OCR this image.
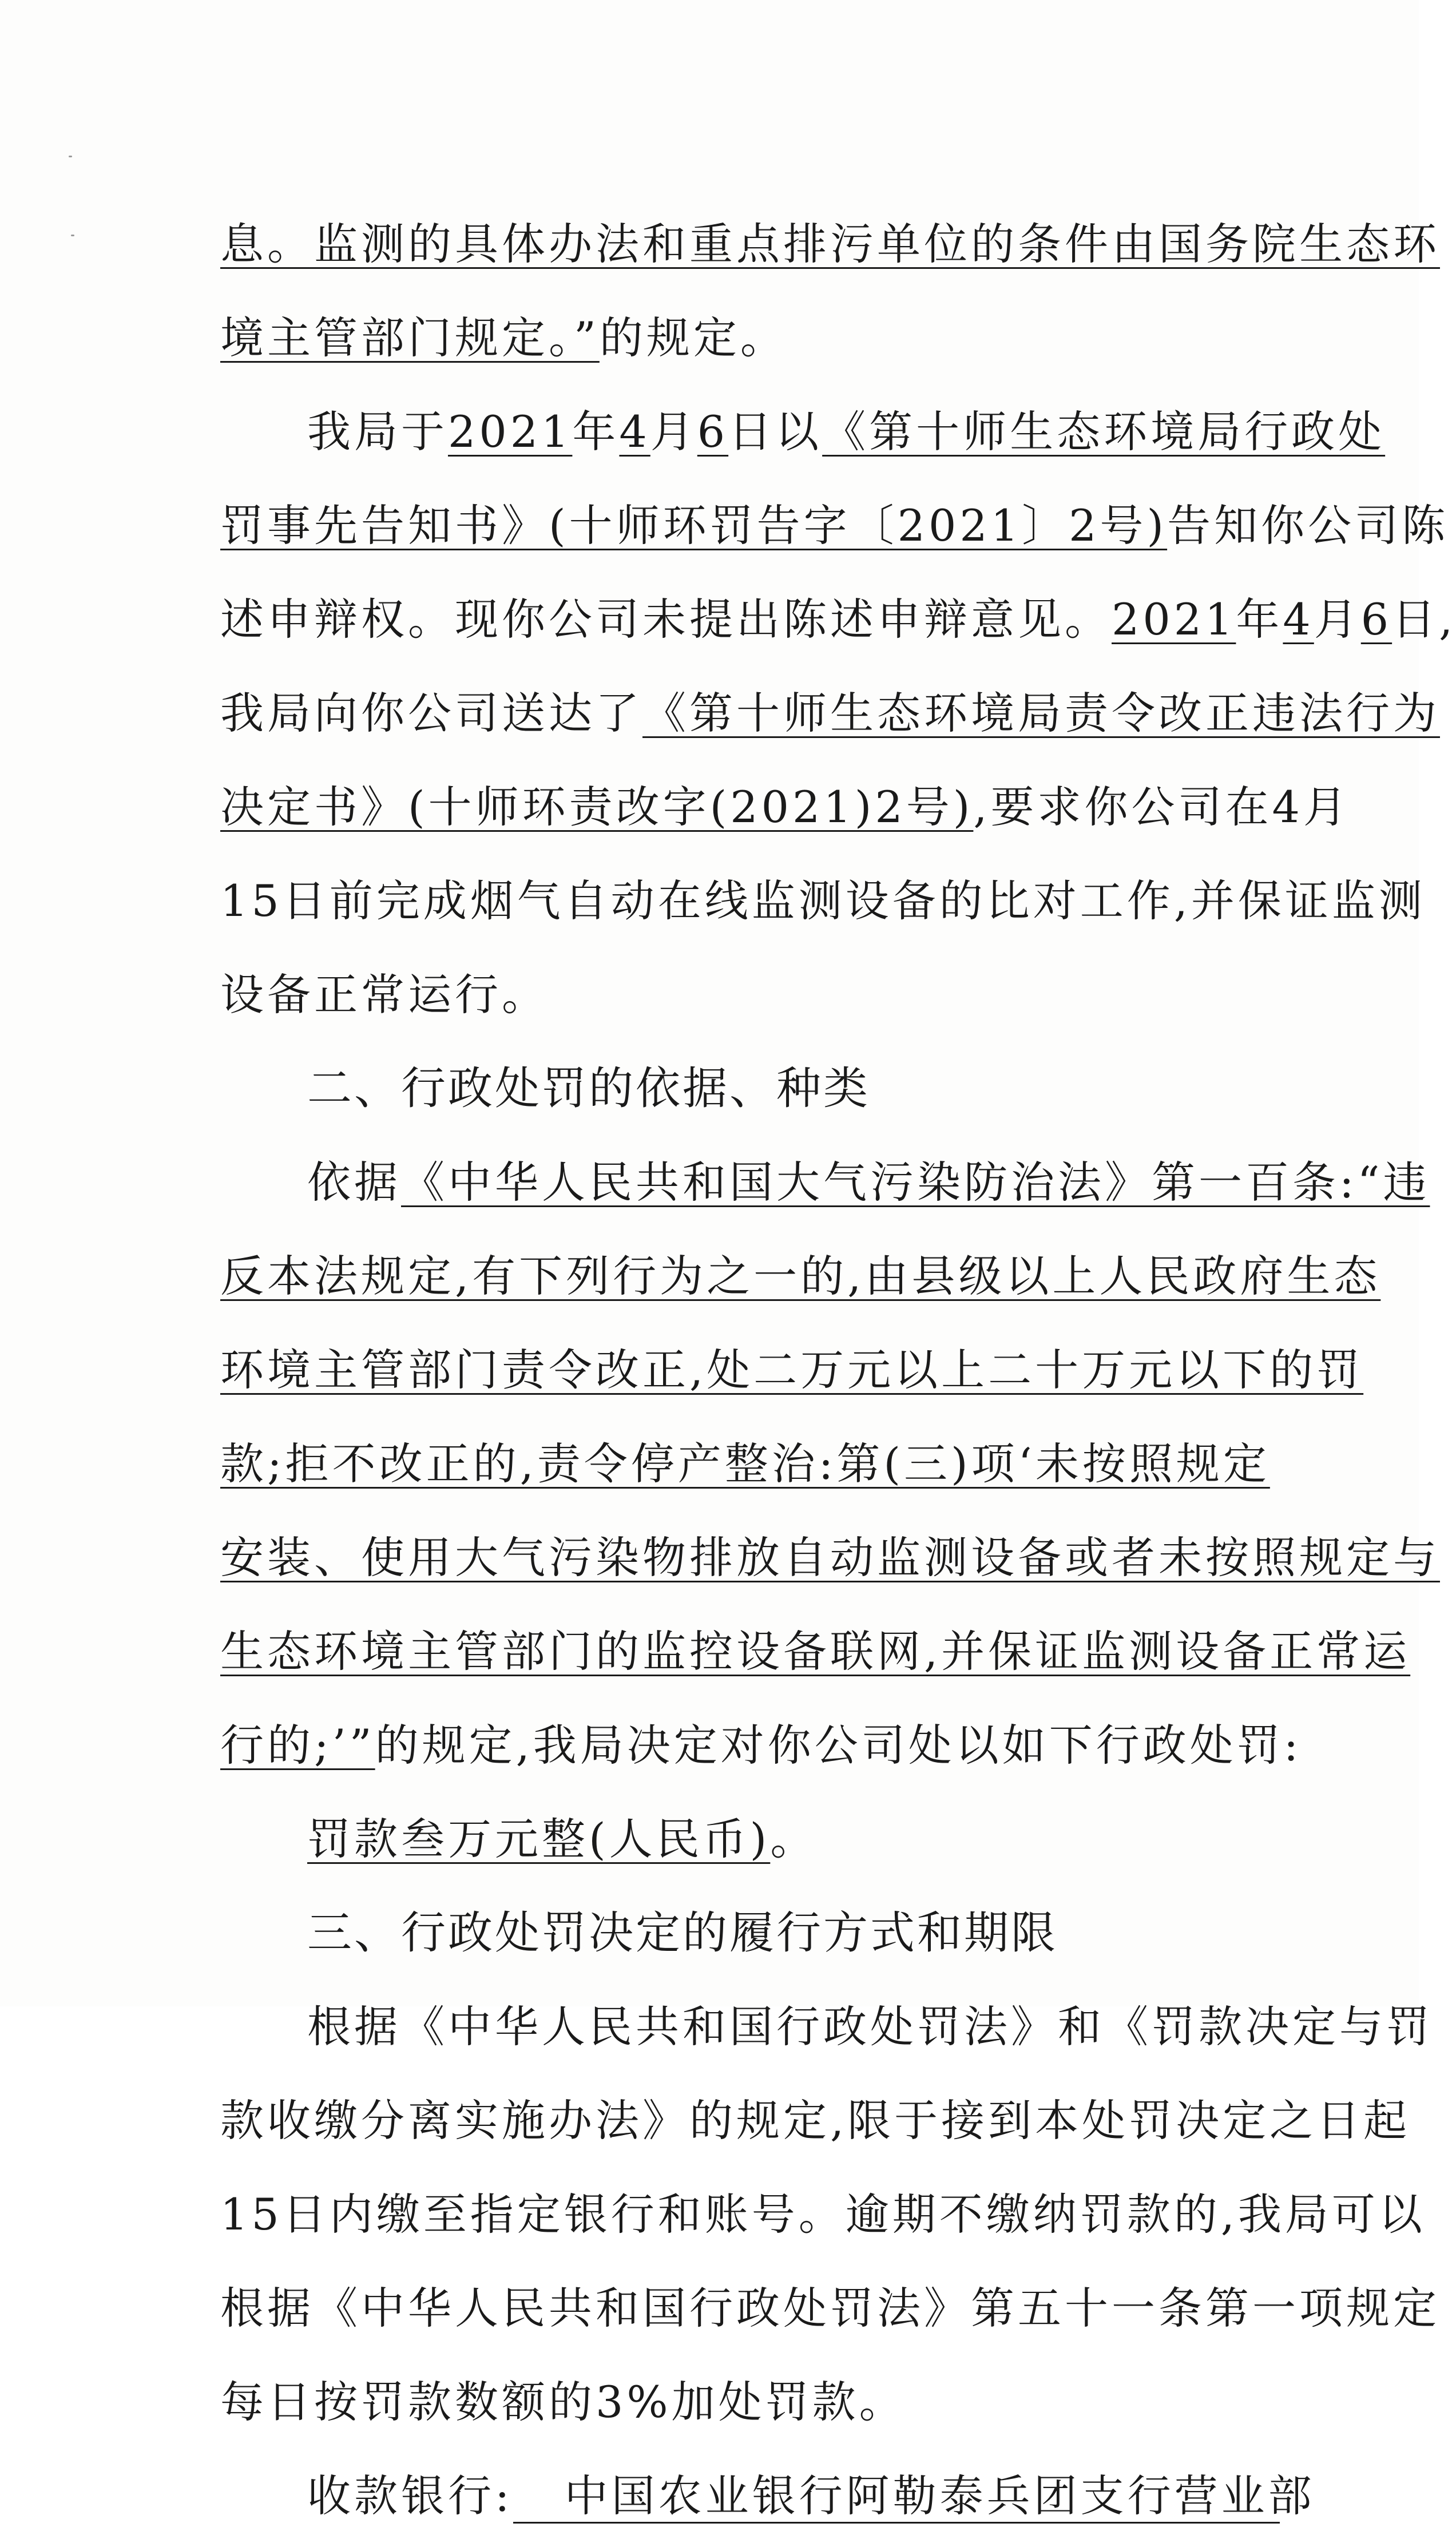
息。监测的具体办法和重点排污单位的条件由国务院生态环
境主管部门规定。”的规定。
我局于2021年4月6日以《第十师生态环境局行政处
罚事先告知书》(十师环罚告字〔2021〕2号)告知你公司陈
述申辩权。现你公司未提出陈述申辩意见。2021年4月6日,
我局向你公司送达了《第十师生态环境局责令改正违法行为
决定书》(十师环责改字(2021)2号),要求你公司在4月
15日前完成烟气自动在线监测设备的比对工作,并保证监测
设备正常运行。
二、行政处罚的依据、种类
依据《中华人民共和国大气污染防治法》第一百条:“违
反本法规定,有下列行为之一的,由县级以上人民政府生态
环境主管部门责令改正,处二万元以上二十万元以下的罚
款;拒不改正的,责令停产整治:第(三)项‘未按照规定
安装、使用大气污染物排放自动监测设备或者未按照规定与
生态环境主管部门的监控设备联网,并保证监测设备正常运
行的;’”的规定,我局决定对你公司处以如下行政处罚:
罚款叁万元整(人民币)。
三、行政处罚决定的履行方式和期限
根据《中华人民共和国行政处罚法》和《罚款决定与罚
款收缴分离实施办法》的规定,限于接到本处罚决定之日起
15日内缴至指定银行和账号。逾期不缴纳罚款的,我局可以
根据《中华人民共和国行政处罚法》第五十一条第一项规定
每日按罚款数额的3%加处罚款。
收款银行: 中国农业银行阿勒泰兵团支行营业部
